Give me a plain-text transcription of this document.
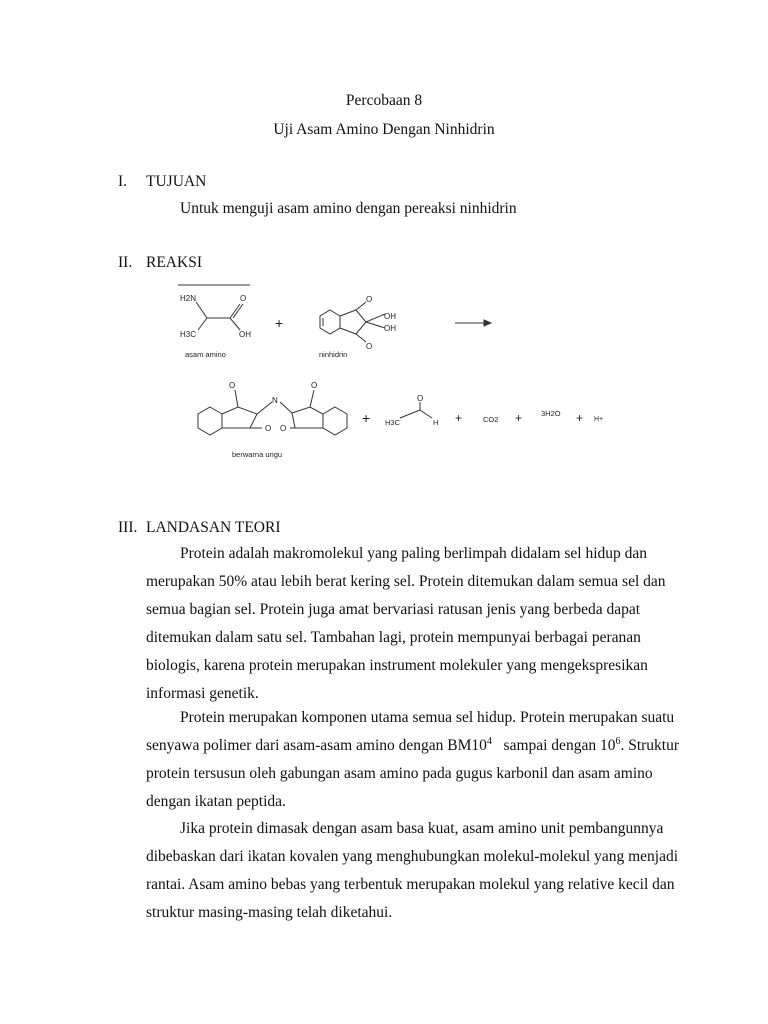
Percobaan 8
Uji Asam Amino Dengan Ninhidrin
I. TUJUAN
Untuk menguji asam amino dengan pereaksi ninhidrin
II. REAKSI
H2N	O
H3C	OH
+
O
OH
OH
O
asam amino	ninhidrin
O
N
O
O O
+ H3C
O
H +	CO2 +	3H2O + H+
berwarna ungu
III. LANDASAN TEORI
Protein adalah makromolekul yang paling berlimpah didalam sel hidup dan
merupakan 50% atau lebih berat kering sel. Protein ditemukan dalam semua sel dan
semua bagian sel. Protein juga amat bervariasi ratusan jenis yang berbeda dapat
ditemukan dalam satu sel. Tambahan lagi, protein mempunyai berbagai peranan
biologis, karena protein merupakan instrument molekuler yang mengekspresikan
informasi genetik.
Protein merupakan komponen utama semua sel hidup. Protein merupakan suatu
senyawa polimer dari asam-asam amino dengan $BM10^4$ sampai dengan $10^6$. Struktur
protein tersusun oleh gabungan asam amino pada gugus karbonil dan asam amino
dengan ikatan peptida.
Jika protein dimasak dengan asam basa kuat, asam amino unit pembangunnya
dibebaskan dari ikatan kovalen yang menghubungkan molekul-molekul yang menjadi
rantai. Asam amino bebas yang terbentuk merupakan molekul yang relative kecil dan
struktur masing-masing telah diketahui.
